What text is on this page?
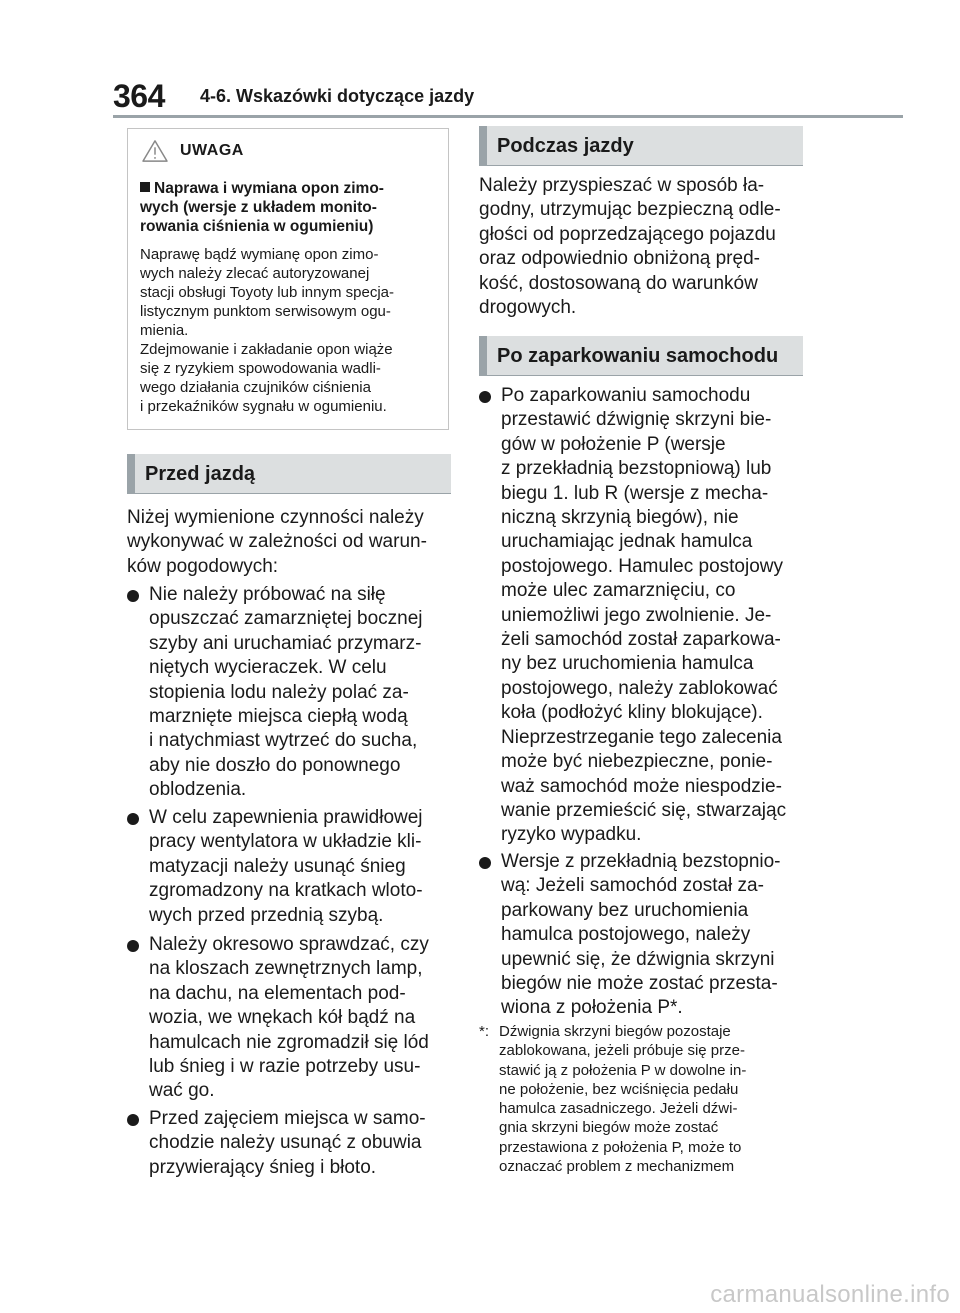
364 4-6. Wskazówki dotyczące jazdy
UWAGA
Naprawa i wymiana opon zimo-
wych (wersje z układem monito-
rowania ciśnienia w ogumieniu)
Naprawę bądź wymianę opon zimo-
wych należy zlecać autoryzowanej
stacji obsługi Toyoty lub innym specja-
listycznym punktom serwisowym ogu-
mienia.
Zdejmowanie i zakładanie opon wiąże
się z ryzykiem spowodowania wadli-
wego działania czujników ciśnienia
i przekaźników sygnału w ogumieniu.
Przed jazdą
Niżej wymienione czynności należy
wykonywać w zależności od warun-
ków pogodowych:
Nie należy próbować na siłę
opuszczać zamarzniętej bocznej
szyby ani uruchamiać przymarz-
niętych wycieraczek. W celu
stopienia lodu należy polać za-
marznięte miejsca ciepłą wodą
i natychmiast wytrzeć do sucha,
aby nie doszło do ponownego
oblodzenia.
W celu zapewnienia prawidłowej
pracy wentylatora w układzie kli-
matyzacji należy usunąć śnieg
zgromadzony na kratkach wloto-
wych przed przednią szybą.
Należy okresowo sprawdzać, czy
na kloszach zewnętrznych lamp,
na dachu, na elementach pod-
wozia, we wnękach kół bądź na
hamulcach nie zgromadził się lód
lub śnieg i w razie potrzeby usu-
wać go.
Przed zajęciem miejsca w samo-
chodzie należy usunąć z obuwia
przywierający śnieg i błoto.
Podczas jazdy
Należy przyspieszać w sposób ła-
godny, utrzymując bezpieczną odle-
głości od poprzedzającego pojazdu
oraz odpowiednio obniżoną pręd-
kość, dostosowaną do warunków
drogowych.
Po zaparkowaniu samochodu
Po zaparkowaniu samochodu
przestawić dźwignię skrzyni bie-
gów w położenie P (wersje
z przekładnią bezstopniową) lub
biegu 1. lub R (wersje z mecha-
niczną skrzynią biegów), nie
uruchamiając jednak hamulca
postojowego. Hamulec postojowy
może ulec zamarznięciu, co
uniemożliwi jego zwolnienie. Je-
żeli samochód został zaparkowa-
ny bez uruchomienia hamulca
postojowego, należy zablokować
koła (podłożyć kliny blokujące).
Nieprzestrzeganie tego zalecenia
może być niebezpieczne, ponie-
waż samochód może niespodzie-
wanie przemieścić się, stwarzając
ryzyko wypadku.
Wersje z przekładnią bezstopnio-
wą: Jeżeli samochód został za-
parkowany bez uruchomienia
hamulca postojowego, należy
upewnić się, że dźwignia skrzyni
biegów nie może zostać przesta-
wiona z położenia P*.
*: Dźwignia skrzyni biegów pozostaje
zablokowana, jeżeli próbuje się prze-
stawić ją z położenia P w dowolne in-
ne położenie, bez wciśnięcia pedału
hamulca zasadniczego. Jeżeli dźwi-
gnia skrzyni biegów może zostać
przestawiona z położenia P, może to
oznaczać problem z mechanizmem
carmanualsonline.info
